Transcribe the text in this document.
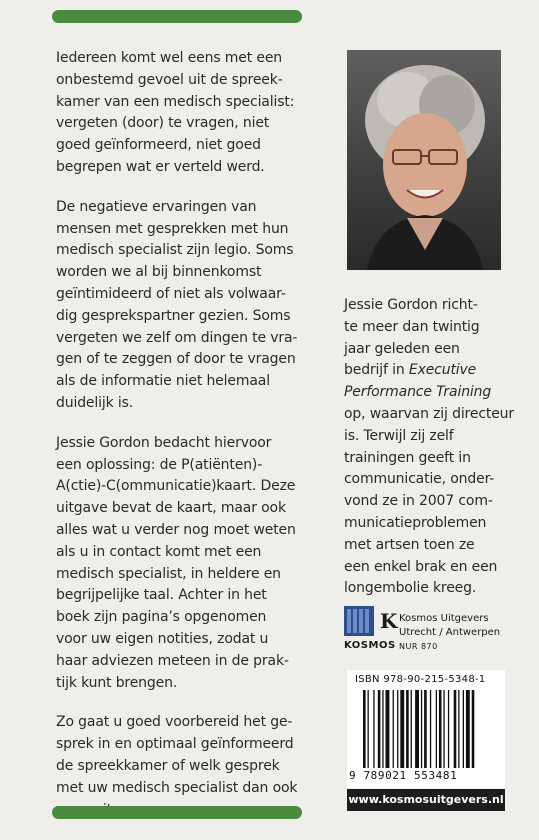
Iedereen komt wel eens met een
onbestemd gevoel uit de spreek-
kamer van een medisch specialist:
vergeten (door) te vragen, niet
goed geïnformeerd, niet goed
begrepen wat er verteld werd.

De negatieve ervaringen van
mensen met gesprekken met hun
medisch specialist zijn legio. Soms
worden we al bij binnenkomst
geïntimideerd of niet als volwaar-
dig gesprekspartner gezien. Soms
vergeten we zelf om dingen te vra-
gen of te zeggen of door te vragen
als de informatie niet helemaal
duidelijk is.

Jessie Gordon bedacht hiervoor
een oplossing: de P(atiënten)-
A(ctie)-C(ommunicatie)kaart. Deze
uitgave bevat de kaart, maar ook
alles wat u verder nog moet weten
als u in contact komt met een
medisch specialist, in heldere en
begrijpelijke taal. Achter in het
boek zijn pagina’s opgenomen
voor uw eigen notities, zodat u
haar adviezen meteen in de prak-
tijk kunt brengen.

Zo gaat u goed voorbereid het ge-
sprek in en optimaal geïnformeerd
de spreekkamer of welk gesprek
met uw medisch specialist dan ook

Jessie Gordon richt-
te meer dan twintig
jaar geleden een
bedrijf in Executive
Performance Training
op, waarvan zij directeur
is. Terwijl zij zelf
trainingen geeft in
communicatie, onder-
vond ze in 2007 com-
municatieproblemen
met artsen toen ze
een enkel brak en een
longembolie kreeg.
K
KOSMOS
Kosmos Uitgevers
Utrecht / Antwerpen
NUR 870
ISBN 978-90-215-5348-1
9 789021 553481
www.kosmosuitgevers.nl
